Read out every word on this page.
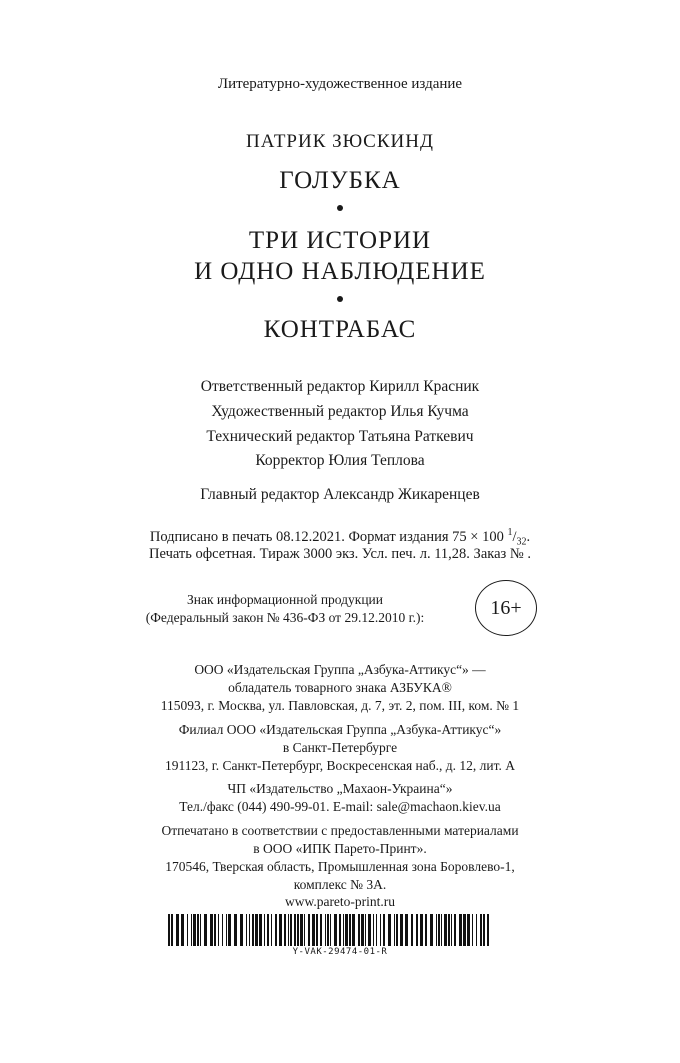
Литературно-художественное издание
ПАТРИК ЗЮСКИНД
ГОЛУБКА
ТРИ ИСТОРИИ
И ОДНО НАБЛЮДЕНИЕ
КОНТРАБАС
Ответственный редактор Кирилл Красник
Художественный редактор Илья Кучма
Технический редактор Татьяна Раткевич
Корректор Юлия Теплова
Главный редактор Александр Жикаренцев
Подписано в печать 08.12.2021. Формат издания 75 × 100 $^1/_{32}$.
Печать офсетная. Тираж 3000 экз. Усл. печ. л. 11,28. Заказ № .
Знак информационной продукции
(Федеральный закон № 436-ФЗ от 29.12.2010 г.):	16+
ООО «Издательская Группа „Азбука-Аттикус“» —
обладатель товарного знака АЗБУКА®
115093, г. Москва, ул. Павловская, д. 7, эт. 2, пом. III, ком. № 1
Филиал ООО «Издательская Группа „Азбука-Аттикус“»
в Санкт-Петербурге
191123, г. Санкт-Петербург, Воскресенская наб., д. 12, лит. А
ЧП «Издательство „Махаон-Украина“»
Тел./факс (044) 490-99-01. E-mail: sale@machaon.kiev.ua
Отпечатано в соответствии с предоставленными материалами
в ООО «ИПК Парето-Принт».
170546, Тверская область, Промышленная зона Боровлево-1,
комплекс № 3А.
www.pareto-print.ru
Y-VAK-29474-01-R
